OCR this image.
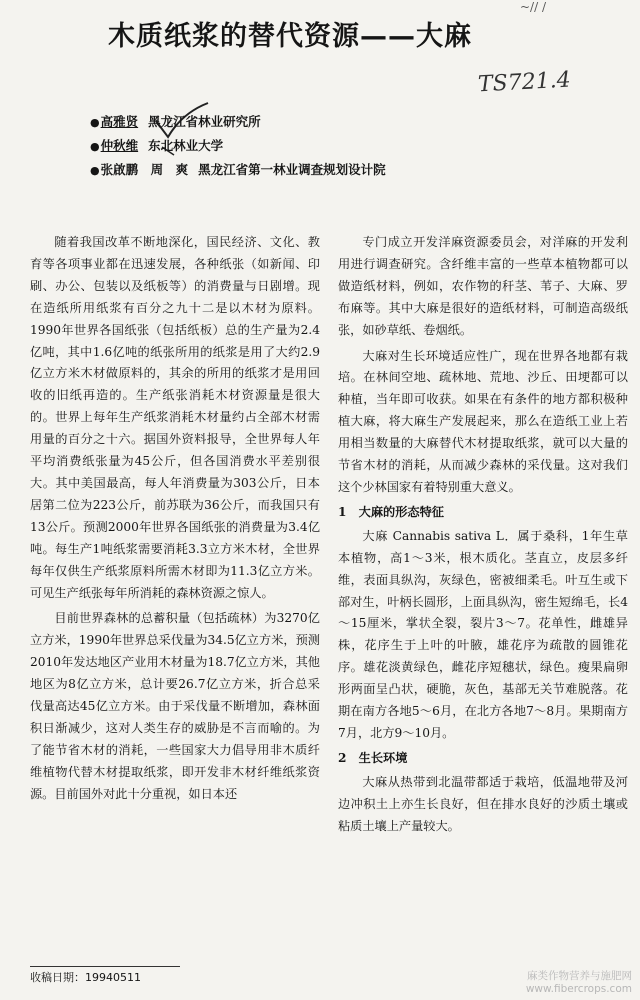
~// /
木质纸浆的替代资源——大麻
TS721.4
●高雅贤 黑龙江省林业研究所
●仲秋维 东北林业大学
●张啟鹏　周　爽 黑龙江省第一林业调查规划设计院

随着我国改革不断地深化，国民经济、文化、教育等各项事业都在迅速发展，各种纸张（如新闻、印刷、办公、包装以及纸板等）的消费量与日剧增。现在造纸所用纸浆有百分之九十二是以木材为原料。1990年世界各国纸张（包括纸板）总的生产量为2.4亿吨，其中1.6亿吨的纸张所用的纸浆是用了大约2.9亿立方米木材做原料的，其余的所用的纸浆才是用回收的旧纸再造的。生产纸张消耗木材资源量是很大的。世界上每年生产纸浆消耗木材量约占全部木材需用量的百分之十六。据国外资料报导，全世界每人年平均消费纸张量为45公斤，但各国消费水平差别很大。其中美国最高，每人年消费量为303公斤，日本居第二位为223公斤，前苏联为36公斤，而我国只有13公斤。预测2000年世界各国纸张的消费量为3.4亿吨。每生产1吨纸浆需要消耗3.3立方米木材，全世界每年仅供生产纸浆原料所需木材即为11.3亿立方米。可见生产纸张每年所消耗的森林资源之惊人。

目前世界森林的总蓄积量（包括疏林）为3270亿立方米，1990年世界总采伐量为34.5亿立方米，预测2010年发达地区产业用木材量为18.7亿立方米，其他地区为8亿立方米，总计要26.7亿立方米，折合总采伐量高达45亿立方米。由于采伐量不断增加，森林面积日渐减少，这对人类生存的威胁是不言而喻的。为了能节省木材的消耗，一些国家大力倡导用非木质纤维植物代替木材提取纸浆，即开发非木材纤维纸浆资源。目前国外对此十分重视，如日本还

专门成立开发洋麻资源委员会，对洋麻的开发利用进行调查研究。含纤维丰富的一些草本植物都可以做造纸材料，例如，农作物的秆茎、苇子、大麻、罗布麻等。其中大麻是很好的造纸材料，可制造高级纸张，如砂草纸、卷烟纸。

大麻对生长环境适应性广，现在世界各地都有栽培。在林间空地、疏林地、荒地、沙丘、田埂都可以种植，当年即可收获。如果在有条件的地方都积极种植大麻，将大麻生产发展起来，那么在造纸工业上若用相当数量的大麻替代木材提取纸浆，就可以大量的节省木材的消耗，从而减少森林的采伐量。这对我们这个少林国家有着特别重大意义。

1　大麻的形态特征

大麻 Cannabis sativa L．属于桑科，1年生草本植物，高1～3米，根木质化。茎直立，皮层多纤维，表面具纵沟，灰绿色，密被细柔毛。叶互生或下部对生，叶柄长圆形，上面具纵沟，密生短绵毛，长4～15厘米，掌状全裂，裂片3～7。花单性，雌雄异株，花序生于上叶的叶腋，雄花序为疏散的圆锥花序。雄花淡黄绿色，雌花序短穗状，绿色。瘦果扁卵形两面呈凸状，硬脆，灰色，基部无关节难脱落。花期在南方各地5～6月，在北方各地7～8月。果期南方7月，北方9～10月。

2　生长环境

大麻从热带到北温带都适于栽培，低温地带及河边冲积土上亦生长良好，但在排水良好的沙质土壤或粘质土壤上产量较大。

收稿日期：19940511	麻类作物营养与施肥网
www.fibercrops.com
